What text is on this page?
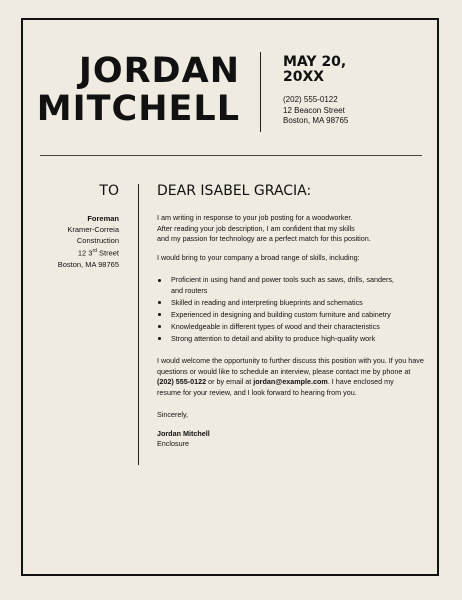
JORDAN
MITCHELL
MAY 20,
20XX
(202) 555-0122
12 Beacon Street
Boston, MA 98765
TO
Foreman
Kramer-Correia
Construction
12 3rd Street
Boston, MA 98765
DEAR ISABEL GRACIA:

I am writing in response to your job posting for a woodworker.
After reading your job description, I am confident that my skills
and my passion for technology are a perfect match for this position.

I would bring to your company a broad range of skills, including:

Proficient in using hand and power tools such as saws, drills, sanders,
and routers
Skilled in reading and interpreting blueprints and schematics
Experienced in designing and building custom furniture and cabinetry
Knowledgeable in different types of wood and their characteristics
Strong attention to detail and ability to produce high-quality work

I would welcome the opportunity to further discuss this position with you. If you have
questions or would like to schedule an interview, please contact me by phone at
(202) 555-0122 or by email at jordan@example.com. I have enclosed my
resume for your review, and I look forward to hearing from you.

Sincerely,

Jordan Mitchell
Enclosure
